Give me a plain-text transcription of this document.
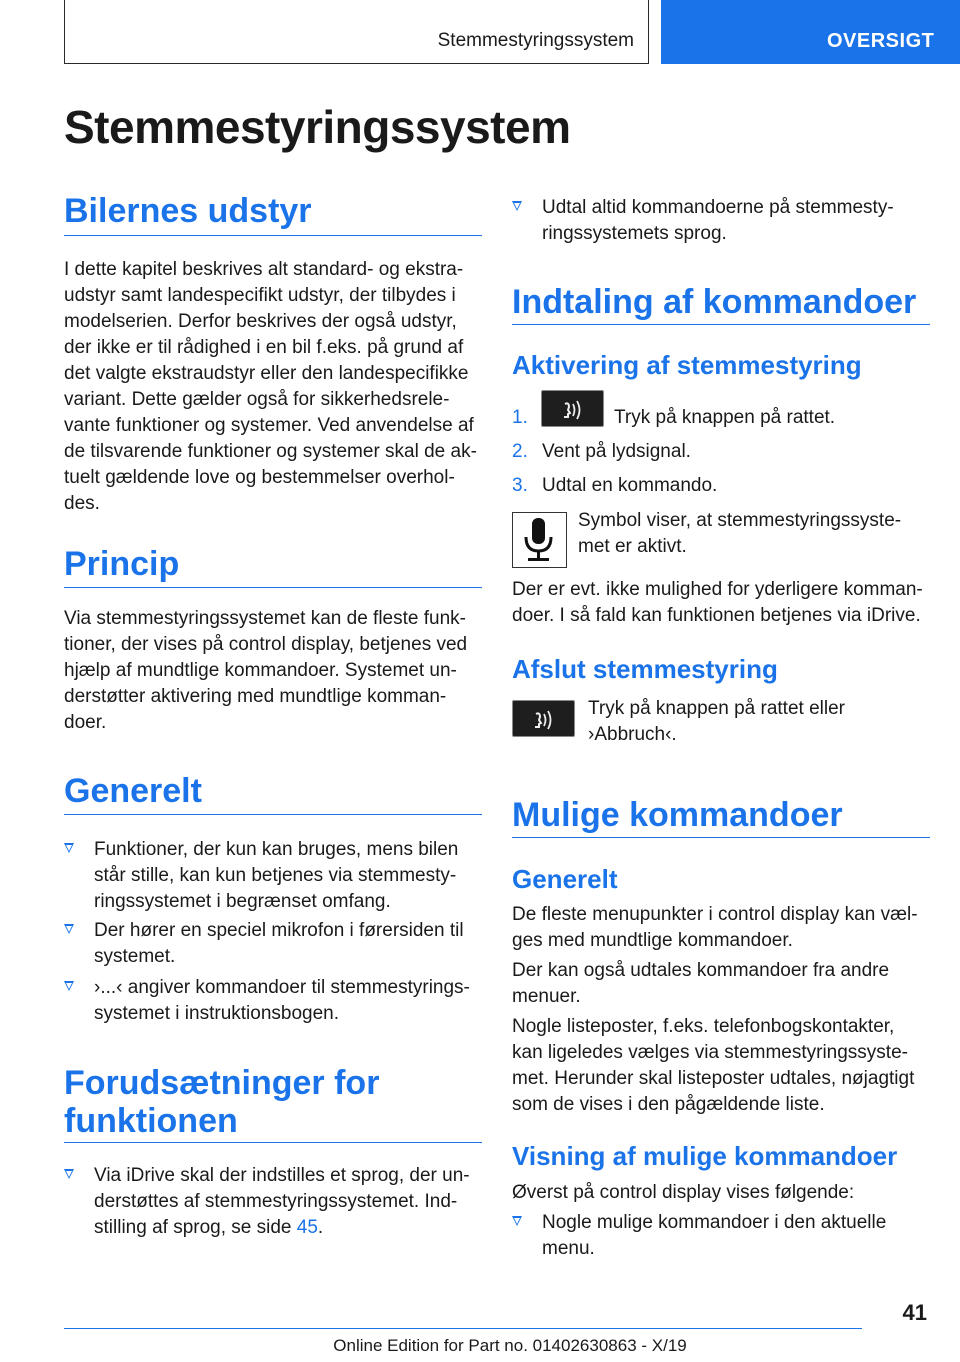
Stemmestyringssystem	OVERSIGT
Stemmestyringssystem
Bilernes udstyr
I dette kapitel beskrives alt standard- og ekstra-
udstyr samt landespecifikt udstyr, der tilbydes i
modelserien. Derfor beskrives der også udstyr,
der ikke er til rådighed i en bil f.eks. på grund af
det valgte ekstraudstyr eller den landespecifikke
variant. Dette gælder også for sikkerhedsrele-
vante funktioner og systemer. Ved anvendelse af
de tilsvarende funktioner og systemer skal de ak-
tuelt gældende love og bestemmelser overhol-
des.
Princip
Via stemmestyringssystemet kan de fleste funk-
tioner, der vises på control display, betjenes ved
hjælp af mundtlige kommandoer. Systemet un-
derstøtter aktivering med mundtlige komman-
doer.
Generelt
Funktioner, der kun kan bruges, mens bilen
står stille, kan kun betjenes via stemmesty-
ringssystemet i begrænset omfang.
Der hører en speciel mikrofon i førersiden til
systemet.
›...‹ angiver kommandoer til stemmestyrings-
systemet i instruktionsbogen.
Forudsætninger for
funktionen
Via iDrive skal der indstilles et sprog, der un-
derstøttes af stemmestyringssystemet. Ind-
stilling af sprog, se side 45.
Udtal altid kommandoerne på stemmesty-
ringssystemets sprog.
Indtaling af kommandoer
Aktivering af stemmestyring
1.	Tryk på knappen på rattet.
2. Vent på lydsignal.
3. Udtal en kommando.
Symbol viser, at stemmestyringssyste-
met er aktivt.
Der er evt. ikke mulighed for yderligere komman-
doer. I så fald kan funktionen betjenes via iDrive.
Afslut stemmestyring
Tryk på knappen på rattet eller
›Abbruch‹.
Mulige kommandoer
Generelt
De fleste menupunkter i control display kan væl-
ges med mundtlige kommandoer.
Der kan også udtales kommandoer fra andre
menuer.
Nogle listeposter, f.eks. telefonbogskontakter,
kan ligeledes vælges via stemmestyringssyste-
met. Herunder skal listeposter udtales, nøjagtigt
som de vises i den pågældende liste.
Visning af mulige kommandoer
Øverst på control display vises følgende:
Nogle mulige kommandoer i den aktuelle
menu.
41
Online Edition for Part no. 01402630863 - X/19
